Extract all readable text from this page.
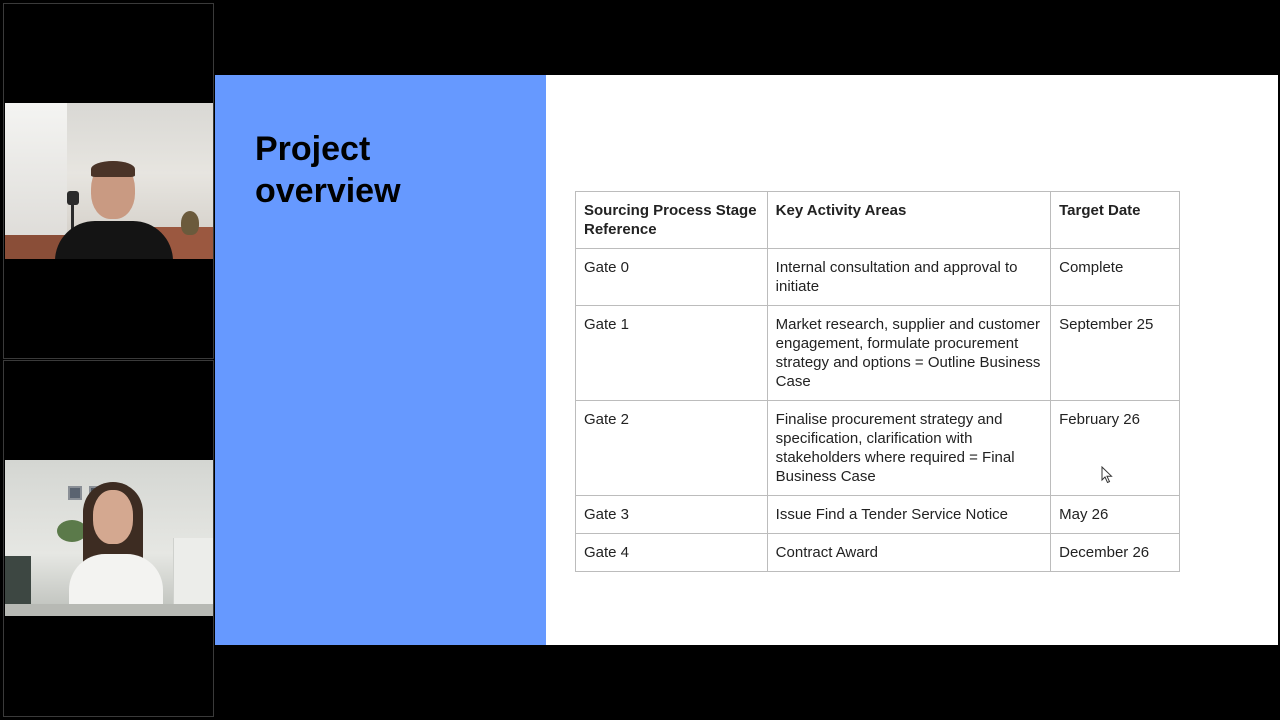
Project overview
Sourcing Process Stage Reference	Key Activity Areas	Target Date
Gate 0	Internal consultation and approval to initiate	Complete
Gate 1	Market research, supplier and customer engagement, formulate procurement strategy and options = Outline Business Case	September 25
Gate 2	Finalise procurement strategy and specification, clarification with stakeholders where required = Final Business Case	February 26
Gate 3	Issue Find a Tender Service Notice	May 26
Gate 4	Contract Award	December 26
